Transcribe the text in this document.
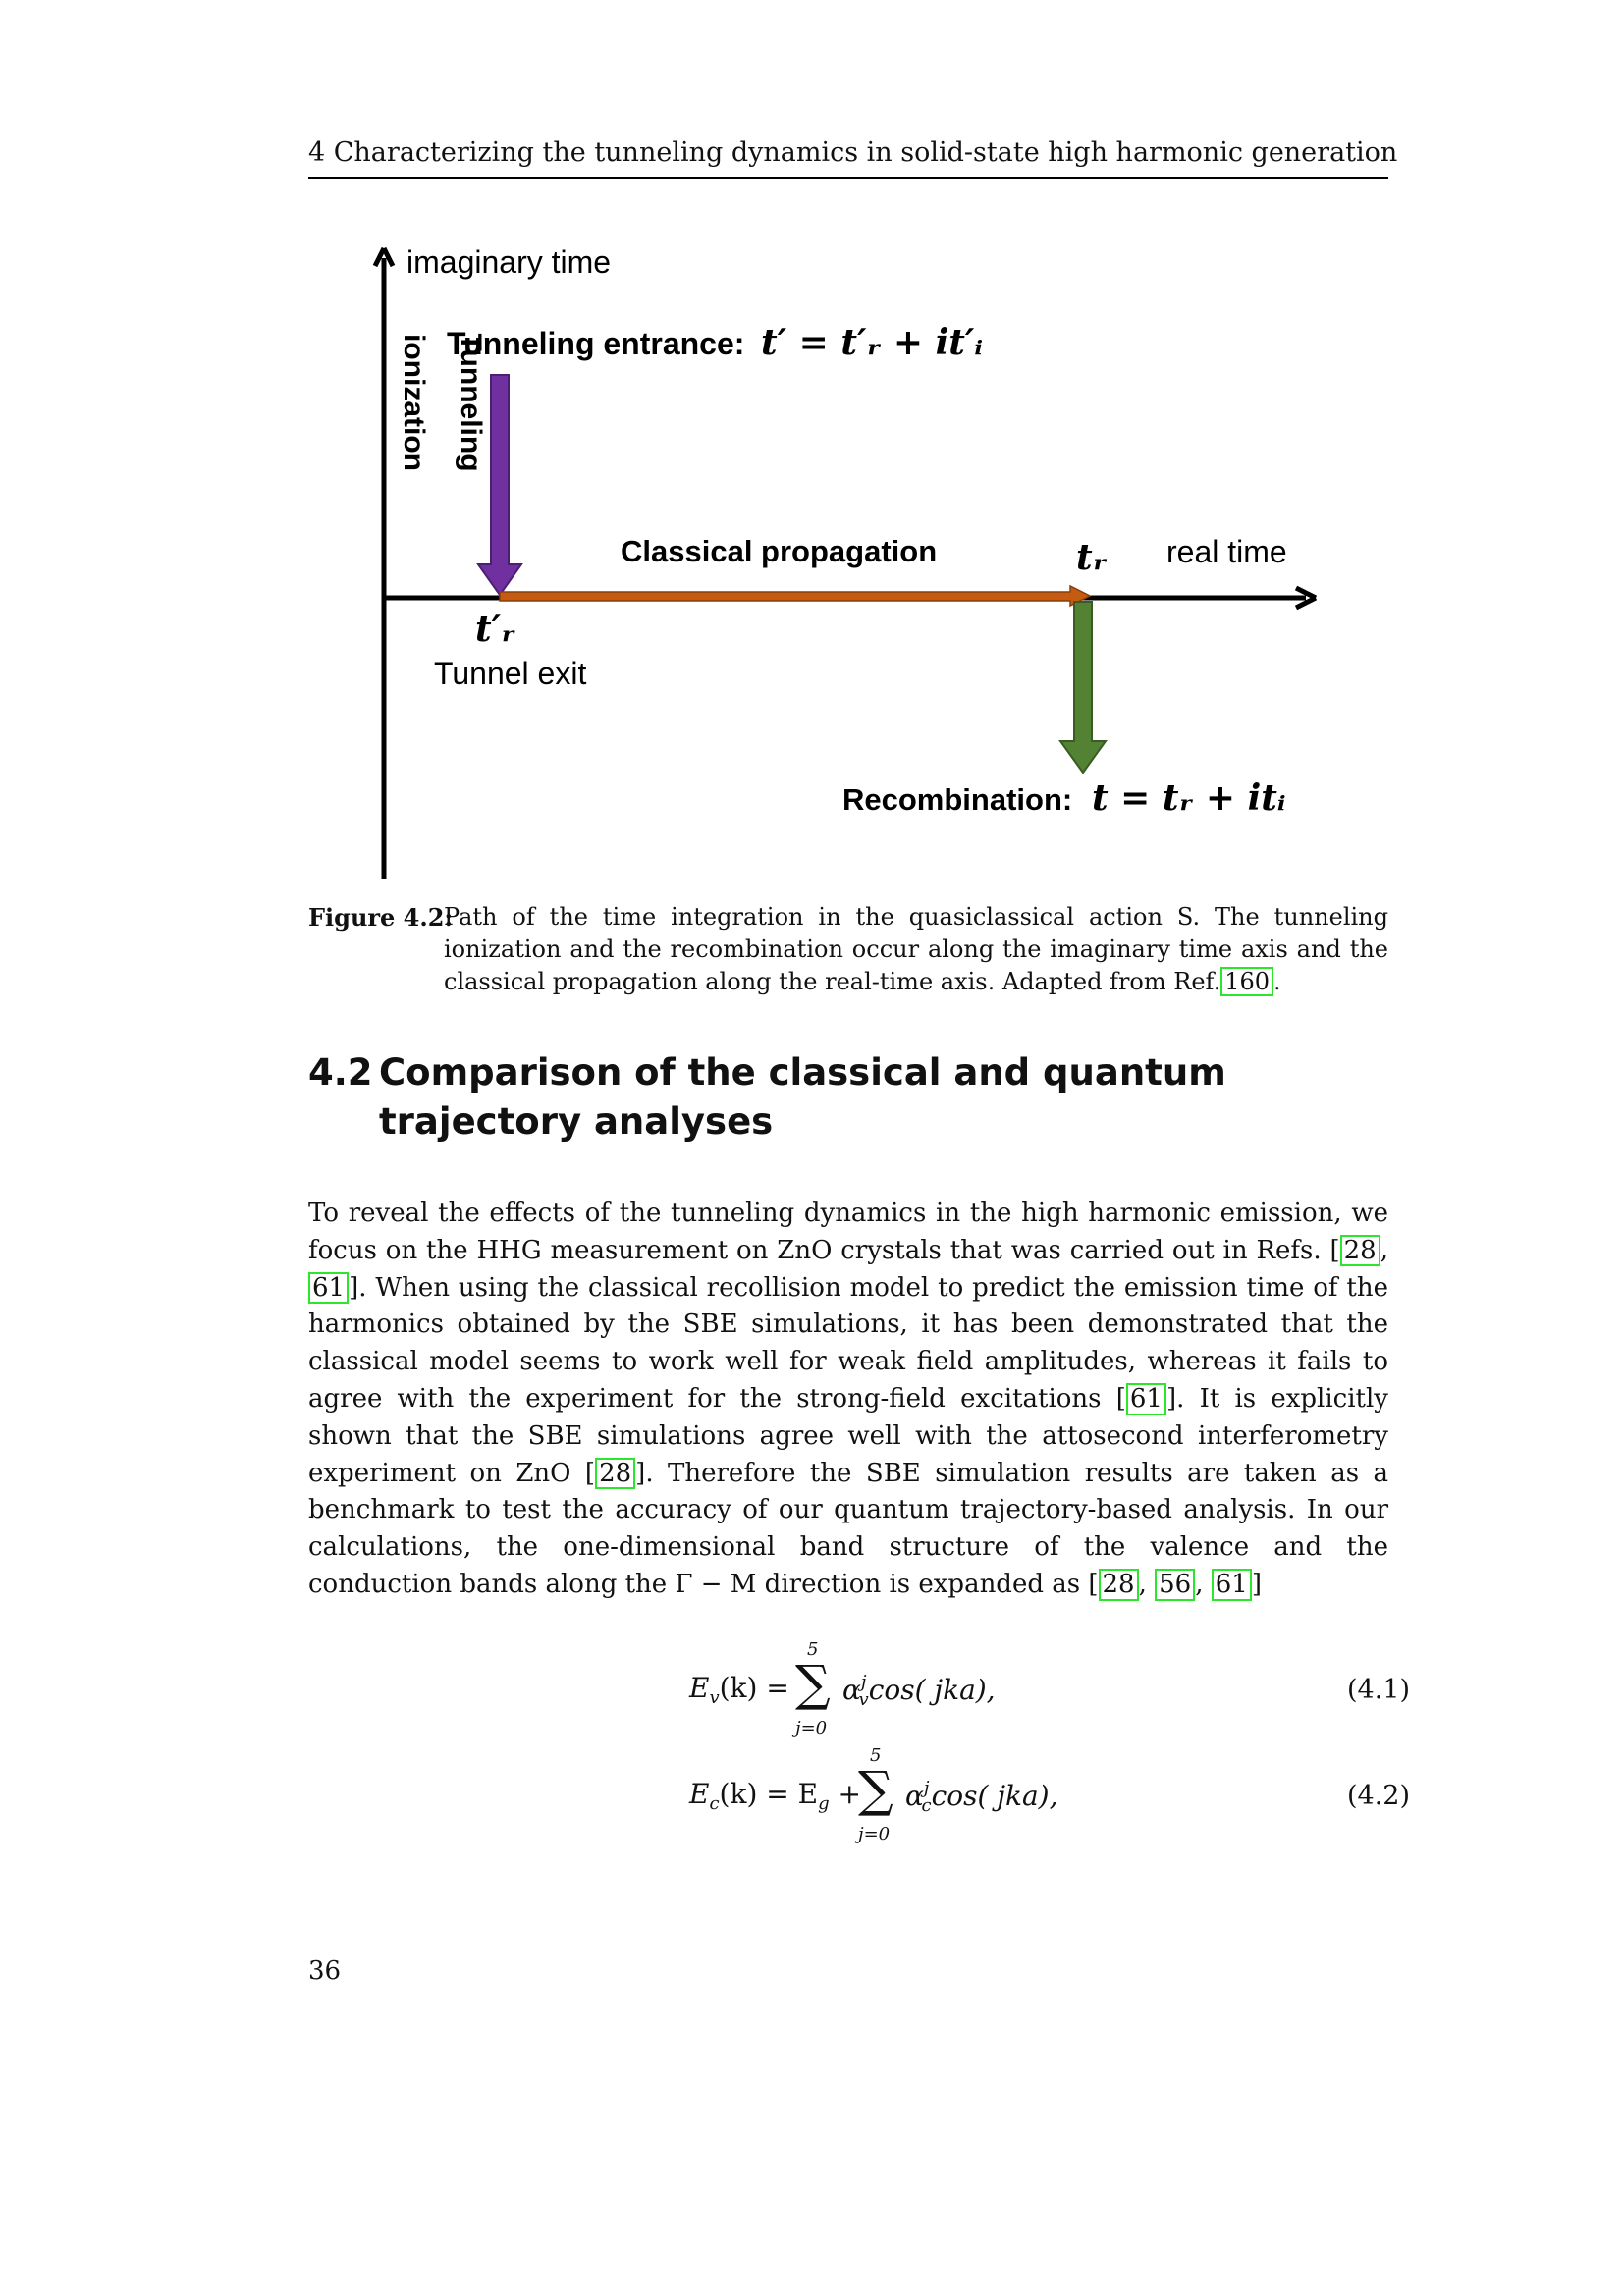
4 Characterizing the tunneling dynamics in solid-state high harmonic generation
imaginary time
Tunneling entrance: t′ = t′ᵣ + it′ᵢ
Tunneling
ionization
Classical propagation	tᵣ real time
t′ᵣ
Tunnel exit
Recombination: t = tᵣ + itᵢ
Figure 4.2:
Path of the time integration in the quasiclassical action S. The tunneling ionization and the recombination occur along the imaginary time axis and the classical propagation along the real-time axis. Adapted from Ref. 160 .
4.2 Comparison of the classical and quantum trajectory analyses
To reveal the effects of the tunneling dynamics in the high harmonic emission, we focus on the HHG measurement on ZnO crystals that was carried out in Refs. [ 28 , 61 ]. When using the classical recollision model to predict the emission time of the harmonics obtained by the SBE simulations, it has been demonstrated that the classical model seems to work well for weak field amplitudes, whereas it fails to agree with the experiment for the strong-field excitations [ 61 ]. It is explicitly shown that the SBE simulations agree well with the attosecond interferometry experiment on ZnO [ 28 ]. Therefore the SBE simulation results are taken as a benchmark to test the accuracy of our quantum trajectory-based analysis. In our calculations, the one-dimensional band structure of the valence and the conduction bands along the Γ − M direction is expanded as [ 28 , 56 , 61 ]
$E_v(k)$ =
5
∑
j=0
$\alpha^j_v\cos$( jka),	(4.1)
$E_c(k) = E_g$ +
5
∑
j=0
$\alpha^j_c\cos$( jka),	(4.2)
36
